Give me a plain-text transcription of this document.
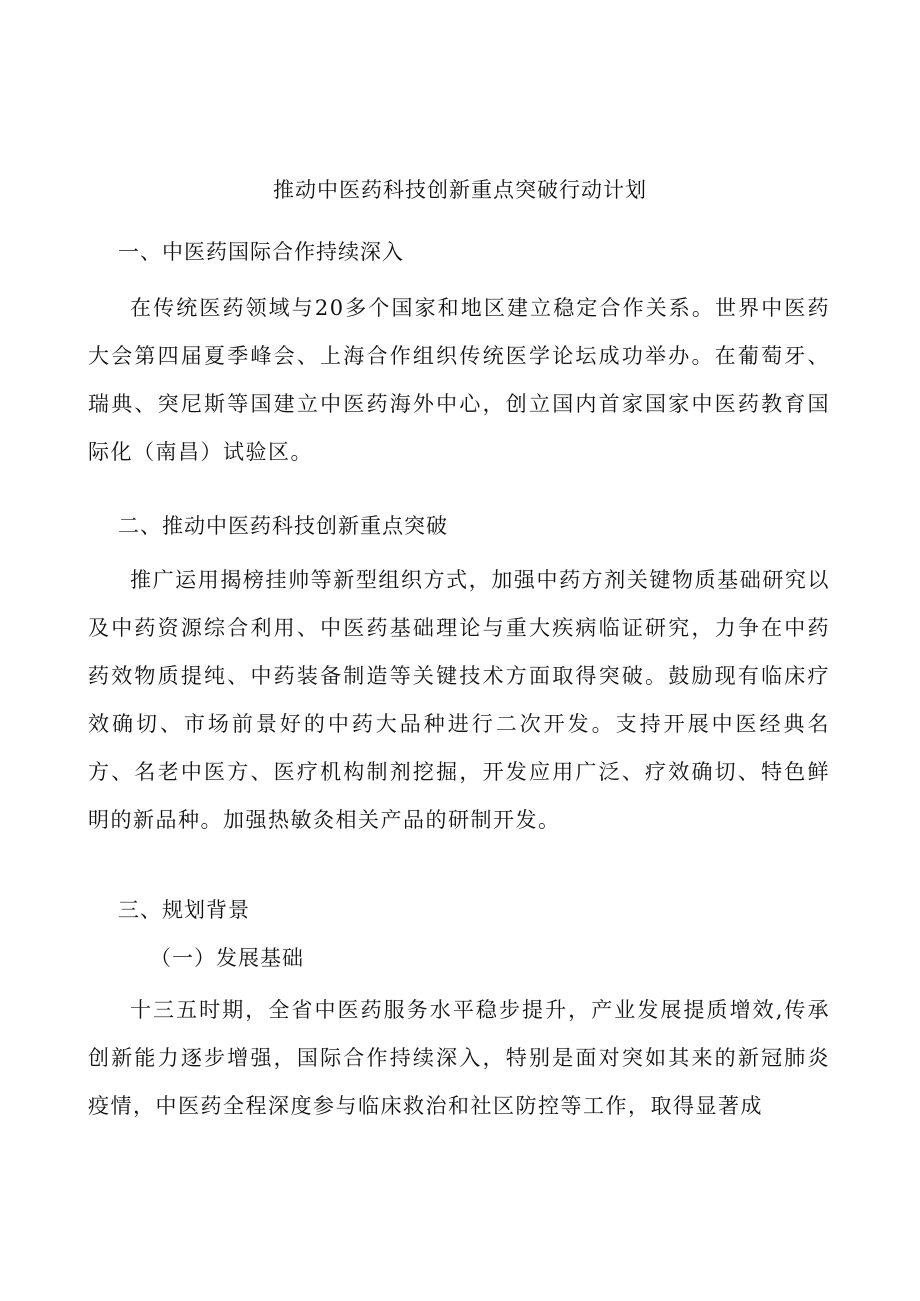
推动中医药科技创新重点突破行动计划
一、中医药国际合作持续深入
在传统医药领域与20多个国家和地区建立稳定合作关系。世界中医药大会第四届夏季峰会、上海合作组织传统医学论坛成功举办。在葡萄牙、瑞典、突尼斯等国建立中医药海外中心，创立国内首家国家中医药教育国际化（南昌）试验区。
二、推动中医药科技创新重点突破
推广运用揭榜挂帅等新型组织方式，加强中药方剂关键物质基础研究以及中药资源综合利用、中医药基础理论与重大疾病临证研究，力争在中药药效物质提纯、中药装备制造等关键技术方面取得突破。鼓励现有临床疗效确切、市场前景好的中药大品种进行二次开发。支持开展中医经典名方、名老中医方、医疗机构制剂挖掘，开发应用广泛、疗效确切、特色鲜明的新品种。加强热敏灸相关产品的研制开发。
三、规划背景
（一）发展基础
十三五时期，全省中医药服务水平稳步提升，产业发展提质增效,传承创新能力逐步增强，国际合作持续深入，特别是面对突如其来的新冠肺炎疫情，中医药全程深度参与临床救治和社区防控等工作，取得显著成
